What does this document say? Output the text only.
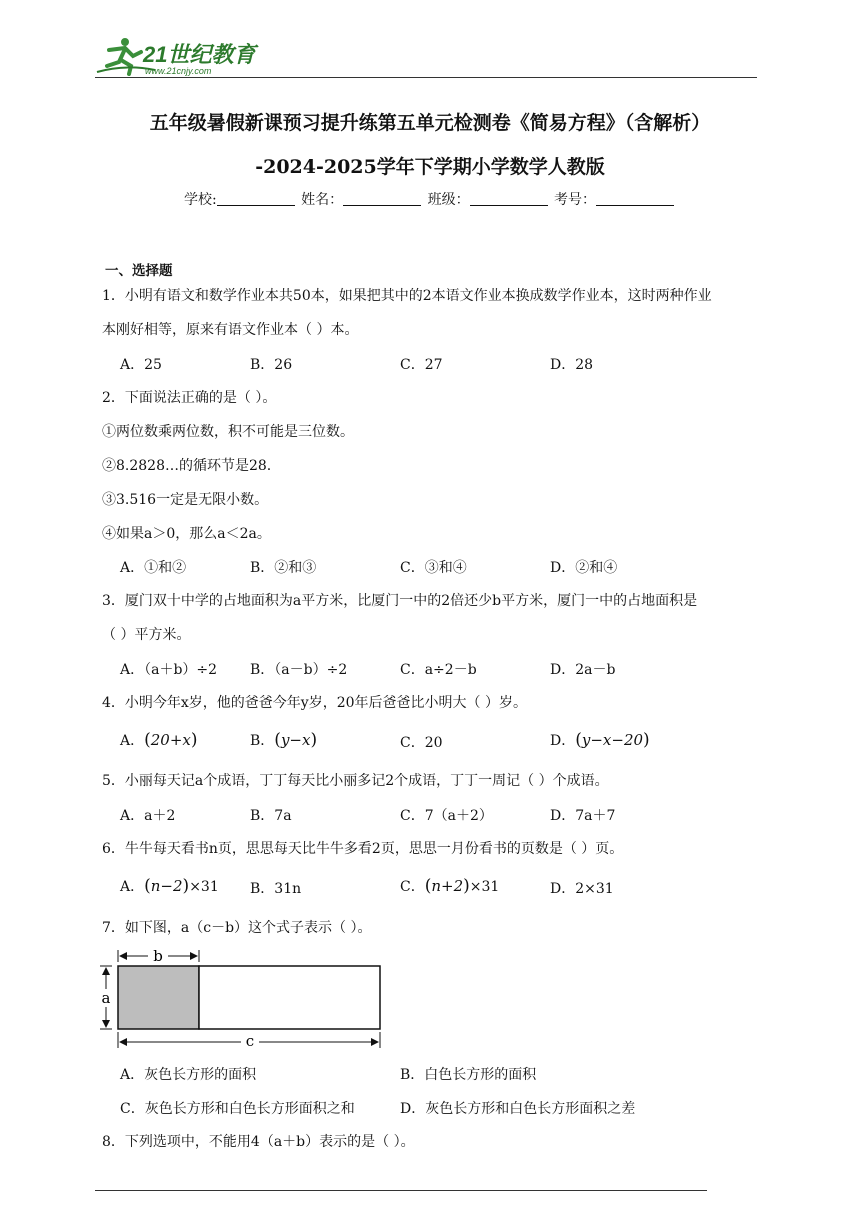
21世纪教育
www.21cnjy.com
五年级暑假新课预习提升练第五单元检测卷《简易方程》（含解析）
-2024-2025学年下学期小学数学人教版
学校:	姓名：	班级：	考号：
一、选择题
1．小明有语文和数学作业本共50本，如果把其中的2本语文作业本换成数学作业本，这时两种作业
本刚好相等，原来有语文作业本（ ）本。
A．25	B．26	C．27	D．28
2．下面说法正确的是（ ）。
①两位数乘两位数，积不可能是三位数。
②8.2828…的循环节是28.
③3.516一定是无限小数。
④如果a＞0，那么a＜2a。
A．①和②	B．②和③	C．③和④	D．②和④
3．厦门双十中学的占地面积为a平方米，比厦门一中的2倍还少b平方米，厦门一中的占地面积是
（ ）平方米。
A．（a＋b）÷2 B．（a－b）÷2	C．a÷2－b	D．2a－b
4．小明今年x岁，他的爸爸今年y岁，20年后爸爸比小明大（ ）岁。
A．(20+x)	B．(y−x)	C．20	D．(y−x−20)
5．小丽每天记a个成语，丁丁每天比小丽多记2个成语，丁丁一周记（ ）个成语。
A．a＋2	B．7a	C．7（a＋2）	D．7a＋7
6．牛牛每天看书n页，思思每天比牛牛多看2页，思思一月份看书的页数是（ ）页。
A．(n−2)×31 B．31n	C．(n+2)×31	D．2×31
7．如下图，a（c－b）这个式子表示（ ）。
b
a
c
A．灰色长方形的面积	B．白色长方形的面积
C．灰色长方形和白色长方形面积之和	D．灰色长方形和白色长方形面积之差
8．下列选项中，不能用4（a＋b）表示的是（ ）。
